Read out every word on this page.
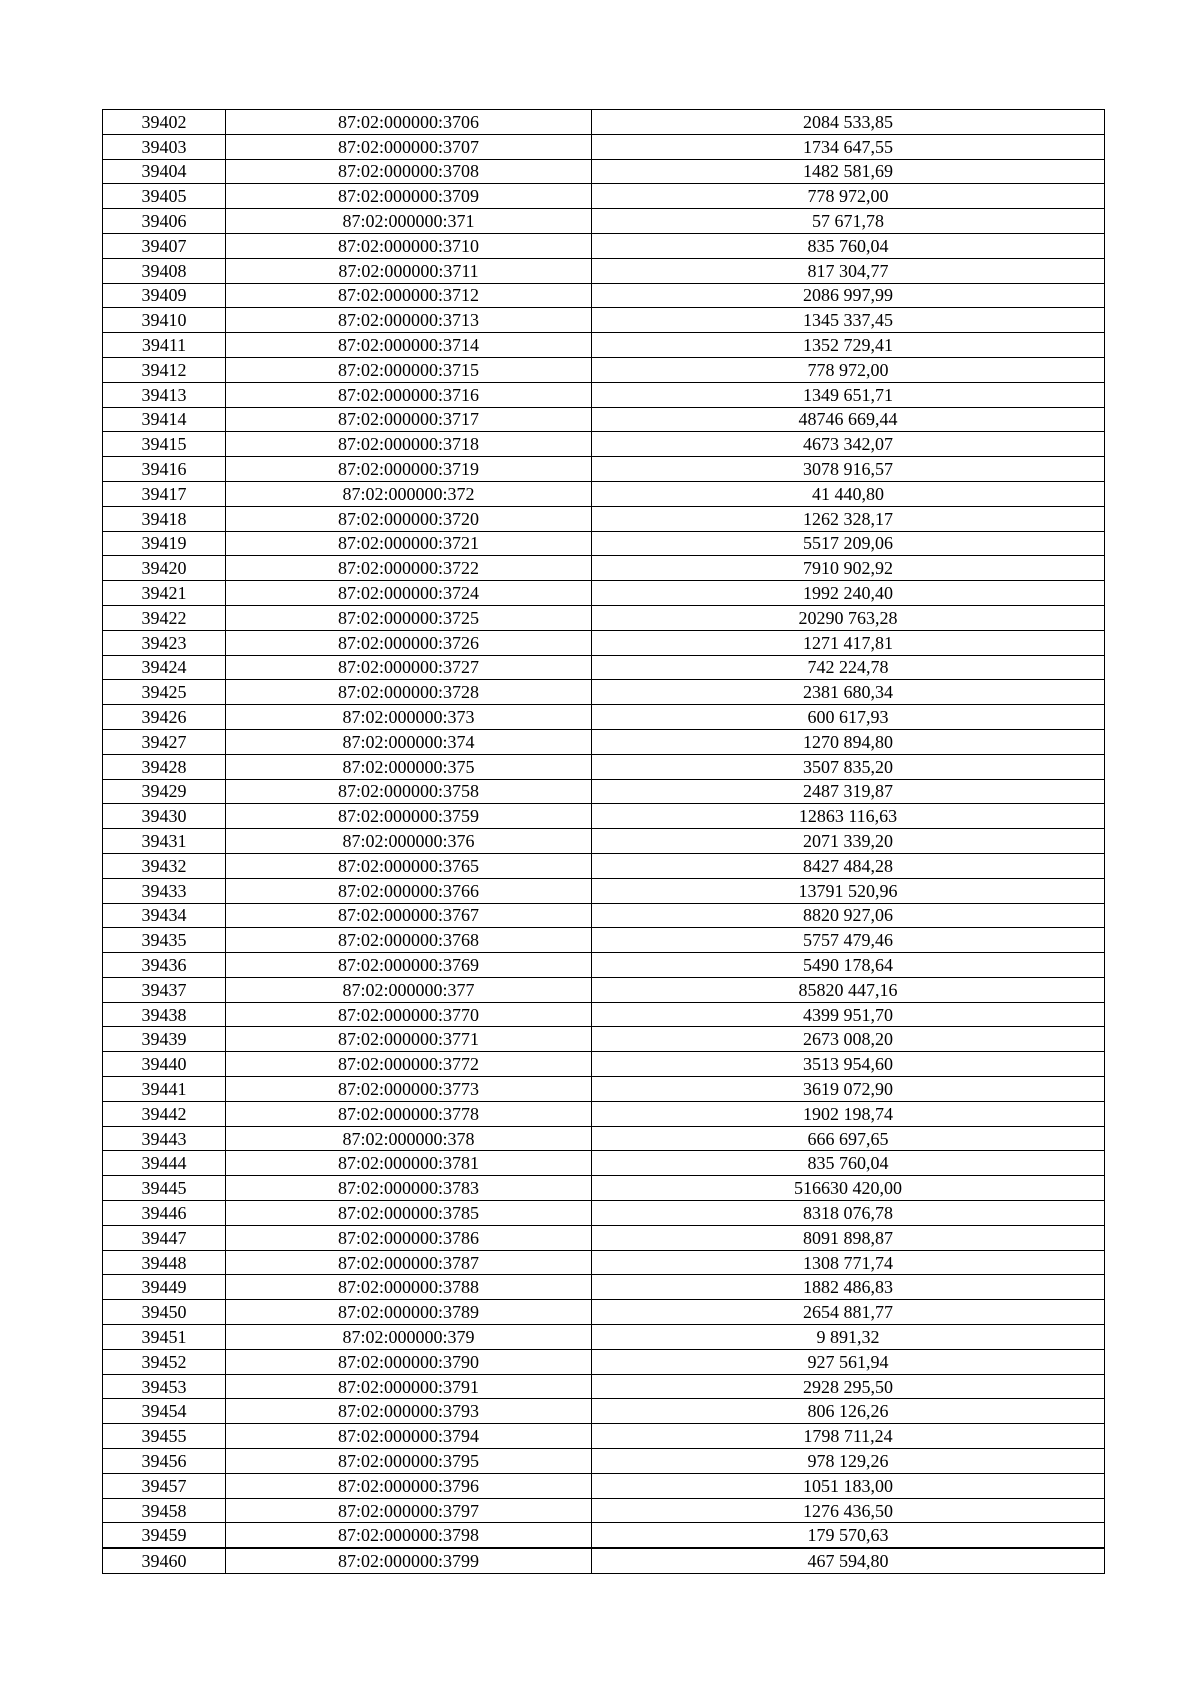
39402	87:02:000000:3706	2084 533,85
39403	87:02:000000:3707	1734 647,55
39404	87:02:000000:3708	1482 581,69
39405	87:02:000000:3709	778 972,00
39406	87:02:000000:371	57 671,78
39407	87:02:000000:3710	835 760,04
39408	87:02:000000:3711	817 304,77
39409	87:02:000000:3712	2086 997,99
39410	87:02:000000:3713	1345 337,45
39411	87:02:000000:3714	1352 729,41
39412	87:02:000000:3715	778 972,00
39413	87:02:000000:3716	1349 651,71
39414	87:02:000000:3717	48746 669,44
39415	87:02:000000:3718	4673 342,07
39416	87:02:000000:3719	3078 916,57
39417	87:02:000000:372	41 440,80
39418	87:02:000000:3720	1262 328,17
39419	87:02:000000:3721	5517 209,06
39420	87:02:000000:3722	7910 902,92
39421	87:02:000000:3724	1992 240,40
39422	87:02:000000:3725	20290 763,28
39423	87:02:000000:3726	1271 417,81
39424	87:02:000000:3727	742 224,78
39425	87:02:000000:3728	2381 680,34
39426	87:02:000000:373	600 617,93
39427	87:02:000000:374	1270 894,80
39428	87:02:000000:375	3507 835,20
39429	87:02:000000:3758	2487 319,87
39430	87:02:000000:3759	12863 116,63
39431	87:02:000000:376	2071 339,20
39432	87:02:000000:3765	8427 484,28
39433	87:02:000000:3766	13791 520,96
39434	87:02:000000:3767	8820 927,06
39435	87:02:000000:3768	5757 479,46
39436	87:02:000000:3769	5490 178,64
39437	87:02:000000:377	85820 447,16
39438	87:02:000000:3770	4399 951,70
39439	87:02:000000:3771	2673 008,20
39440	87:02:000000:3772	3513 954,60
39441	87:02:000000:3773	3619 072,90
39442	87:02:000000:3778	1902 198,74
39443	87:02:000000:378	666 697,65
39444	87:02:000000:3781	835 760,04
39445	87:02:000000:3783	516630 420,00
39446	87:02:000000:3785	8318 076,78
39447	87:02:000000:3786	8091 898,87
39448	87:02:000000:3787	1308 771,74
39449	87:02:000000:3788	1882 486,83
39450	87:02:000000:3789	2654 881,77
39451	87:02:000000:379	9 891,32
39452	87:02:000000:3790	927 561,94
39453	87:02:000000:3791	2928 295,50
39454	87:02:000000:3793	806 126,26
39455	87:02:000000:3794	1798 711,24
39456	87:02:000000:3795	978 129,26
39457	87:02:000000:3796	1051 183,00
39458	87:02:000000:3797	1276 436,50
39459	87:02:000000:3798	179 570,63
39460	87:02:000000:3799	467 594,80
